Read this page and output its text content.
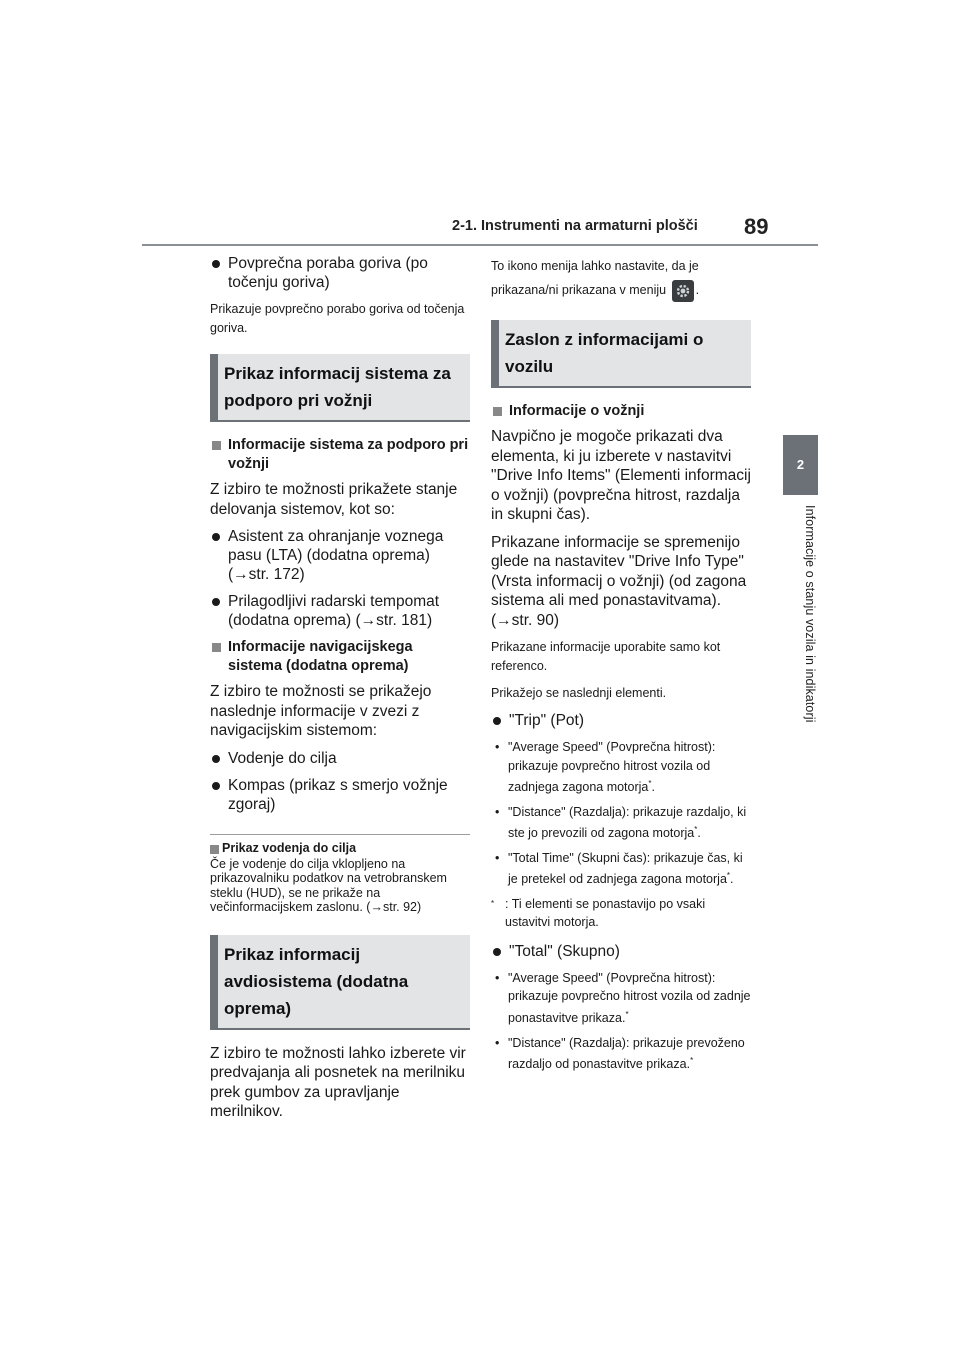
2-1. Instrumenti na armaturni plošči 89
2
Informacije o stanju vozila in indikatorji
Povprečna poraba goriva (po točenju goriva)
Prikazuje povprečno porabo goriva od točenja goriva.
Prikaz informacij sistema za podporo pri vožnji
Informacije sistema za podporo pri vožnji
Z izbiro te možnosti prikažete stanje delovanja sistemov, kot so:
Asistent za ohranjanje voznega pasu (LTA) (dodatna oprema) (→str. 172)
Prilagodljivi radarski tempomat (dodatna oprema) (→str. 181)
Informacije navigacijskega sistema (dodatna oprema)
Z izbiro te možnosti se prikažejo naslednje informacije v zvezi z navigacijskim sistemom:
Vodenje do cilja
Kompas (prikaz s smerjo vožnje zgoraj)
Prikaz vodenja do cilja
Če je vodenje do cilja vklopljeno na prikazovalniku podatkov na vetrobranskem steklu (HUD), se ne prikaže na večinformacijskem zaslonu. (→str. 92)
Prikaz informacij avdiosistema (dodatna oprema)
Z izbiro te možnosti lahko izberete vir predvajanja ali posnetek na merilniku prek gumbov za upravljanje merilnikov.
To ikono menija lahko nastavite, da je prikazana/ni prikazana v meniju .
Zaslon z informacijami o vozilu
Informacije o vožnji
Navpično je mogoče prikazati dva elementa, ki ju izberete v nastavitvi "Drive Info Items" (Elementi informacij o vožnji) (povprečna hitrost, razdalja in skupni čas).
Prikazane informacije se spremenijo glede na nastavitev "Drive Info Type" (Vrsta informacij o vožnji) (od zagona sistema ali med ponastavitvama). (→str. 90)
Prikazane informacije uporabite samo kot referenco.
Prikažejo se naslednji elementi.
"Trip" (Pot)
• "Average Speed" (Povprečna hitrost): prikazuje povprečno hitrost vozila od zadnjega zagona motorja*.
• "Distance" (Razdalja): prikazuje razdaljo, ki ste jo prevozili od zagona motorja*.
• "Total Time" (Skupni čas): prikazuje čas, ki je pretekel od zadnjega zagona motorja*.
* : Ti elementi se ponastavijo po vsaki ustavitvi motorja.
"Total" (Skupno)
• "Average Speed" (Povprečna hitrost): prikazuje povprečno hitrost vozila od zadnje ponastavitve prikaza.*
• "Distance" (Razdalja): prikazuje prevoženo razdaljo od ponastavitve prikaza.*
